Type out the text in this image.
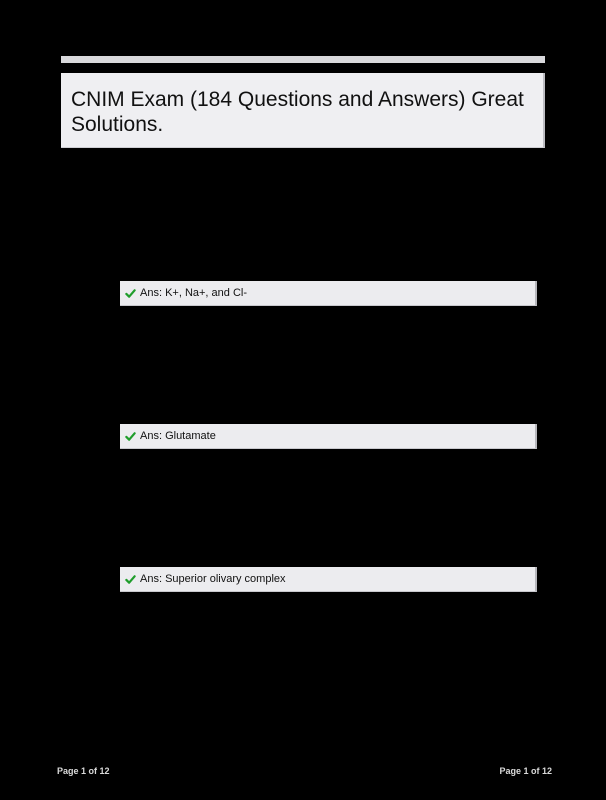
CNIM Exam (184 Questions and Answers) Great Solutions.
Ans: K+, Na+, and Cl-
Ans: Glutamate
Ans: Superior olivary complex
Page 1 of 12	Page 1 of 12
